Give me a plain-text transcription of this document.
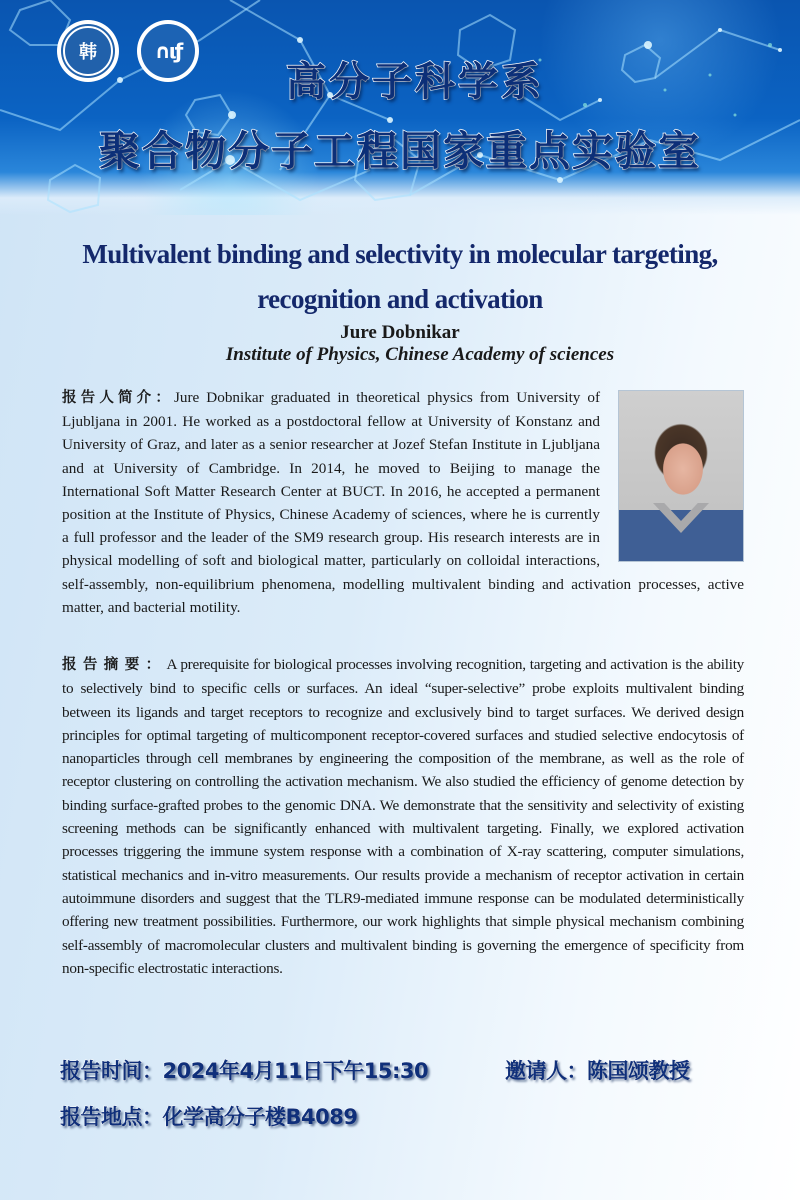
韩	∩ιƒ
高分子科学系
聚合物分子工程国家重点实验室
Multivalent binding and selectivity in molecular targeting,
recognition and activation
Jure Dobnikar
Institute of Physics, Chinese Academy of sciences
报告人简介：Jure Dobnikar graduated in theoretical physics from University of Ljubljana in 2001. He worked as a postdoctoral fellow at University of Konstanz and University of Graz, and later as a senior researcher at Jozef Stefan Institute in Ljubljana and at University of Cambridge. In 2014, he moved to Beijing to manage the International Soft Matter Research Center at BUCT. In 2016, he accepted a permanent position at the Institute of Physics, Chinese Academy of sciences, where he is currently a full professor and the leader of the SM9 research group. His research interests are in physical modelling of soft and biological matter, particularly on colloidal interactions, self-assembly, non-equilibrium phenomena, modelling multivalent binding and activation processes, active matter, and bacterial motility.
报告摘要：A prerequisite for biological processes involving recognition, targeting and activation is the ability to selectively bind to specific cells or surfaces. An ideal “super-selective” probe exploits multivalent binding between its ligands and target receptors to recognize and exclusively bind to target surfaces. We derived design principles for optimal targeting of multicomponent receptor-covered surfaces and studied selective endocytosis of nanoparticles through cell membranes by engineering the composition of the membrane, as well as the role of receptor clustering on controlling the activation mechanism. We also studied the efficiency of genome detection by binding surface-grafted probes to the genomic DNA. We demonstrate that the sensitivity and selectivity of existing screening methods can be significantly enhanced with multivalent targeting. Finally, we explored activation processes triggering the immune system response with a combination of X-ray scattering, computer simulations, statistical mechanics and in-vitro measurements. Our results provide a mechanism of receptor activation in certain autoimmune disorders and suggest that the TLR9-mediated immune response can be modulated deterministically offering new treatment possibilities. Furthermore, our work highlights that simple physical mechanism combining self-assembly of macromolecular clusters and multivalent binding is governing the emergence of specificity from non-specific electrostatic interactions.
报告时间：2024年4月11日下午15:30	邀请人：陈国颂教授
报告地点：化学高分子楼B4089
